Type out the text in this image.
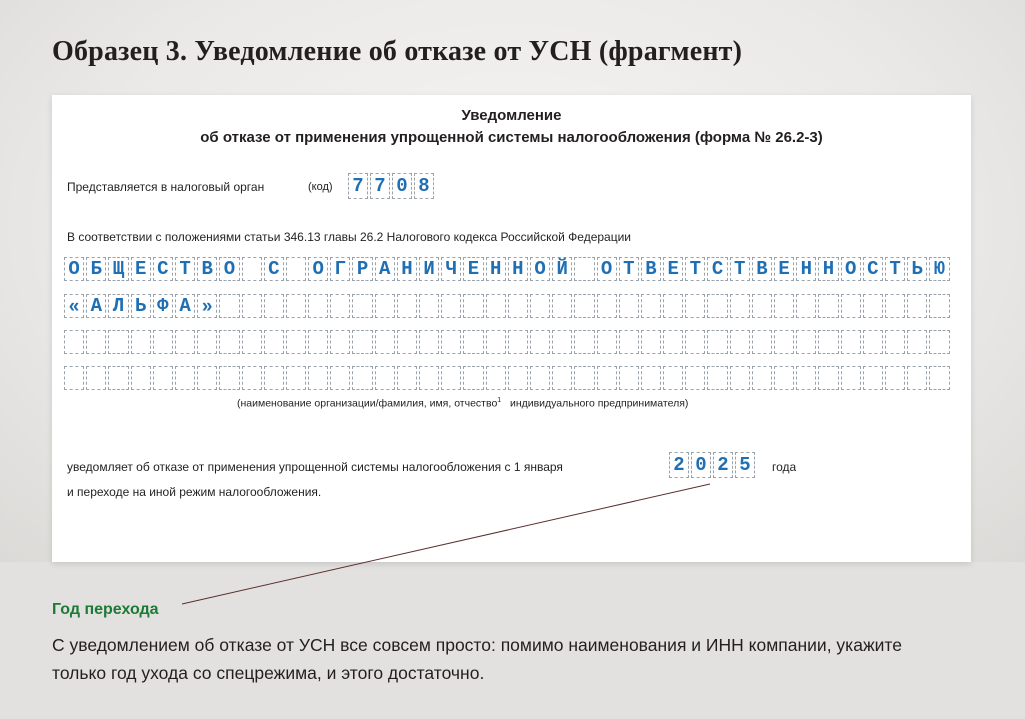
Образец 3. Уведомление об отказе от УСН (фрагмент)
Уведомление
об отказе от применения упрощенной системы налогообложения (форма № 26.2-3)
Представляется в налоговый орган	(код) 7 7 0 8
В соответствии с положениями статьи 346.13 главы 26.2 Налогового кодекса Российской Федерации
О Б Щ Е С Т В О С О Г Р А Н И Ч Е Н Н О Й О Т В Е Т С Т В Е Н Н О С Т Ь Ю
« А Л Ь Ф А »
(наименование организации/фамилия, имя, отчество$^1$ индивидуального предпринимателя)
уведомляет об отказе от применения упрощенной системы налогообложения с 1 января	2 0 2 5	года
и переходе на иной режим налогообложения.
Год перехода
С уведомлением об отказе от УСН все совсем просто: помимо наименования и ИНН компании, укажите только год ухода со спецрежима, и этого достаточно.
